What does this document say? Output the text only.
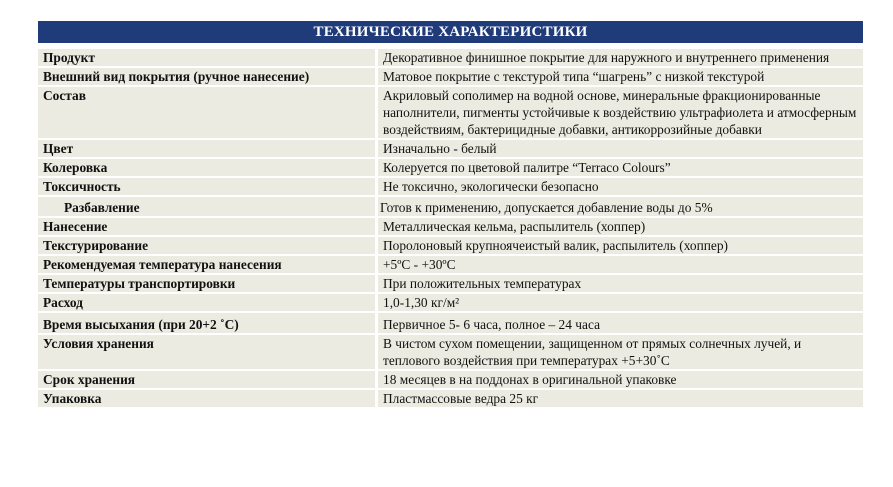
ТЕХНИЧЕСКИЕ ХАРАКТЕРИСТИКИ
Продукт		Декоративное финишное покрытие для наружного и внутреннего применения
Внешний вид покрытия (ручное нанесение)		Матовое покрытие с текстурой типа “шагрень” с низкой текстурой
Состав		Акриловый сополимер на водной основе, минеральные фракционированные наполнители, пигменты устойчивые к воздействию ультрафиолета и атмосферным воздействиям, бактерицидные добавки, антикоррозийные добавки
Цвет		Изначально - белый
Колеровка		Колеруется по цветовой палитре “Terraco Colours”
Токсичность		Не токсично, экологически безопасно
Разбавление		Готов к применению, допускается добавление воды до 5%
Нанесение		Металлическая кельма, распылитель (хоппер)
Текстурирование		Поролоновый крупноячеистый валик, распылитель (хоппер)
Рекомендуемая температура нанесения		+5ºC - +30ºC
Температуры транспортировки		При положительных температурах
Расход		1,0-1,30 кг/м²
Время высыхания (при 20+2 ˚C)		Первичное 5- 6 часа, полное – 24 часа
Условия хранения		В чистом сухом помещении, защищенном от прямых солнечных лучей, и теплового воздействия при температурах +5+30˚C
Срок хранения		18 месяцев в на поддонах в оригинальной упаковке
Упаковка		Пластмассовые ведра 25 кг
